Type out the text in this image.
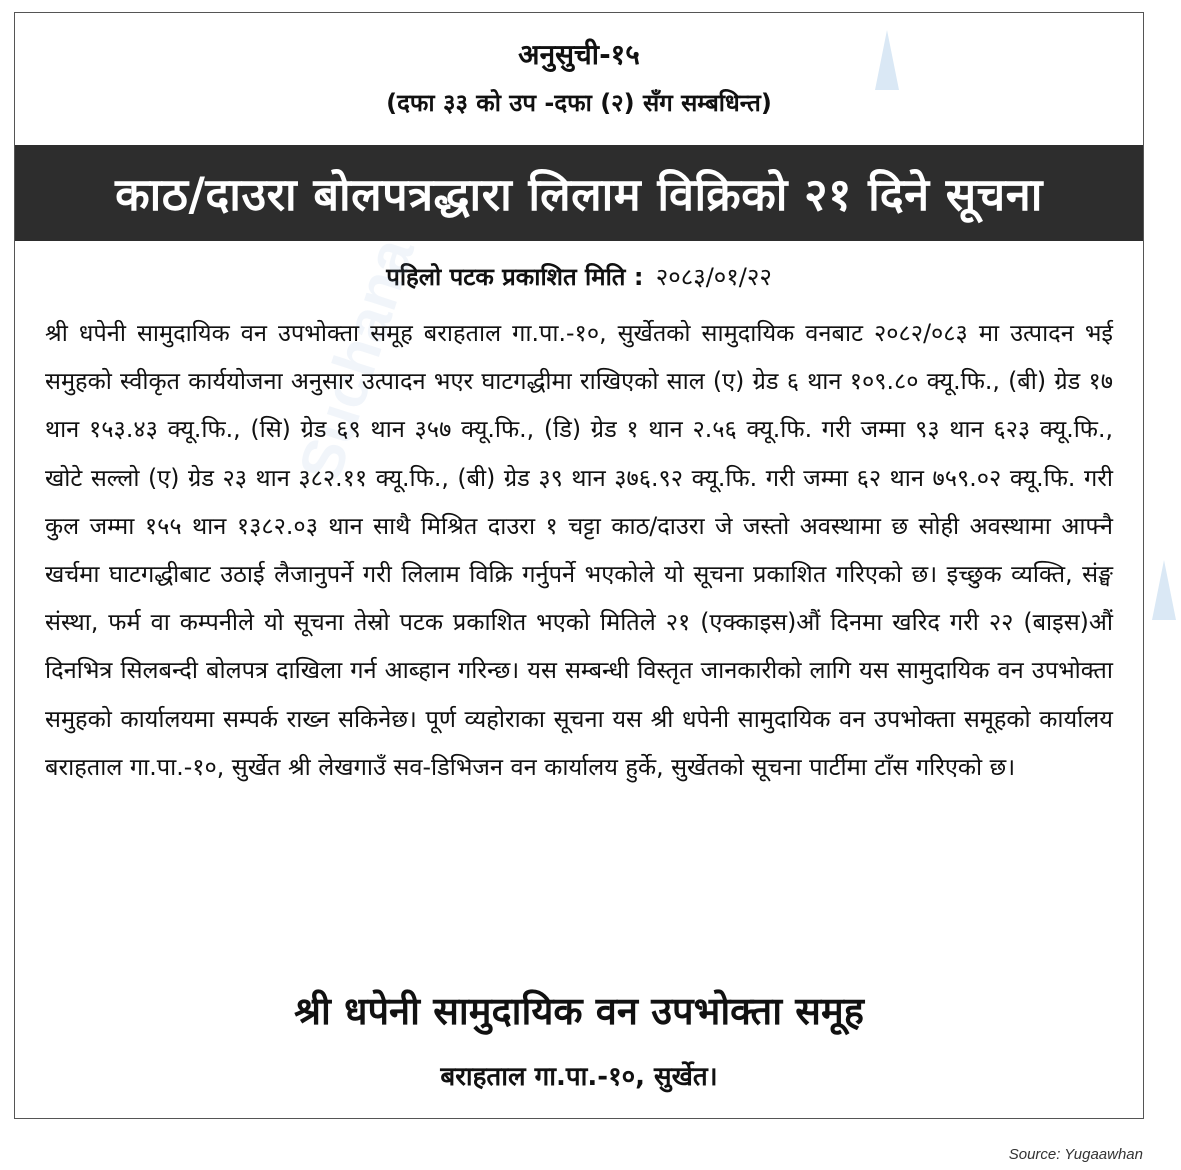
अनुसुची-१५
(दफा ३३ को उप -दफा (२) सँग सम्बधिन्त)
काठ/दाउरा बोलपत्रद्धारा लिलाम विक्रिको २१ दिने सूचना
पहिलो पटक प्रकाशित मिति : २०८३/०१/२२
Suchana
श्री धपेनी सामुदायिक वन उपभोक्ता समूह बराहताल गा.पा.-१०, सुर्खेतको सामुदायिक वनबाट २०८२/०८३ मा उत्पादन भई समुहको स्वीकृत कार्ययोजना अनुसार उत्पादन भएर घाटगद्धीमा राखिएको साल (ए) ग्रेड ६ थान १०९.८० क्यू.फि., (बी) ग्रेड १७ थान १५३.४३ क्यू.फि., (सि) ग्रेड ६९ थान ३५७ क्यू.फि., (डि) ग्रेड १ थान २.५६ क्यू.फि. गरी जम्मा ९३ थान ६२३ क्यू.फि., खोटे सल्लो (ए) ग्रेड २३ थान ३८२.११ क्यू.फि., (बी) ग्रेड ३९ थान ३७६.९२ क्यू.फि. गरी जम्मा ६२ थान ७५९.०२ क्यू.फि. गरी कुल जम्मा १५५ थान १३८२.०३ थान साथै मिश्रित दाउरा १ चट्टा काठ/दाउरा जे जस्तो अवस्थामा छ सोही अवस्थामा आफ्नै खर्चमा घाटगद्धीबाट उठाई लैजानुपर्ने गरी लिलाम विक्रि गर्नुपर्ने भएकोले यो सूचना प्रकाशित गरिएको छ। इच्छुक व्यक्ति, संङ्घ संस्था, फर्म वा कम्पनीले यो सूचना तेस्रो पटक प्रकाशित भएको मितिले २१ (एक्काइस)औं दिनमा खरिद गरी २२ (बाइस)औं दिनभित्र सिलबन्दी बोलपत्र दाखिला गर्न आब्हान गरिन्छ। यस सम्बन्धी विस्तृत जानकारीको लागि यस सामुदायिक वन उपभोक्ता समुहको कार्यालयमा सम्पर्क राख्न सकिनेछ। पूर्ण व्यहोराका सूचना यस श्री धपेनी सामुदायिक वन उपभोक्ता समूहको कार्यालय बराहताल गा.पा.-१०, सुर्खेत श्री लेखगाउँ सव-डिभिजन वन कार्यालय हुर्के, सुर्खेतको सूचना पार्टीमा टाँस गरिएको छ।
श्री धपेनी सामुदायिक वन उपभोक्ता समूह
बराहताल गा.पा.-१०, सुर्खेत।
Source: Yugaawhan
